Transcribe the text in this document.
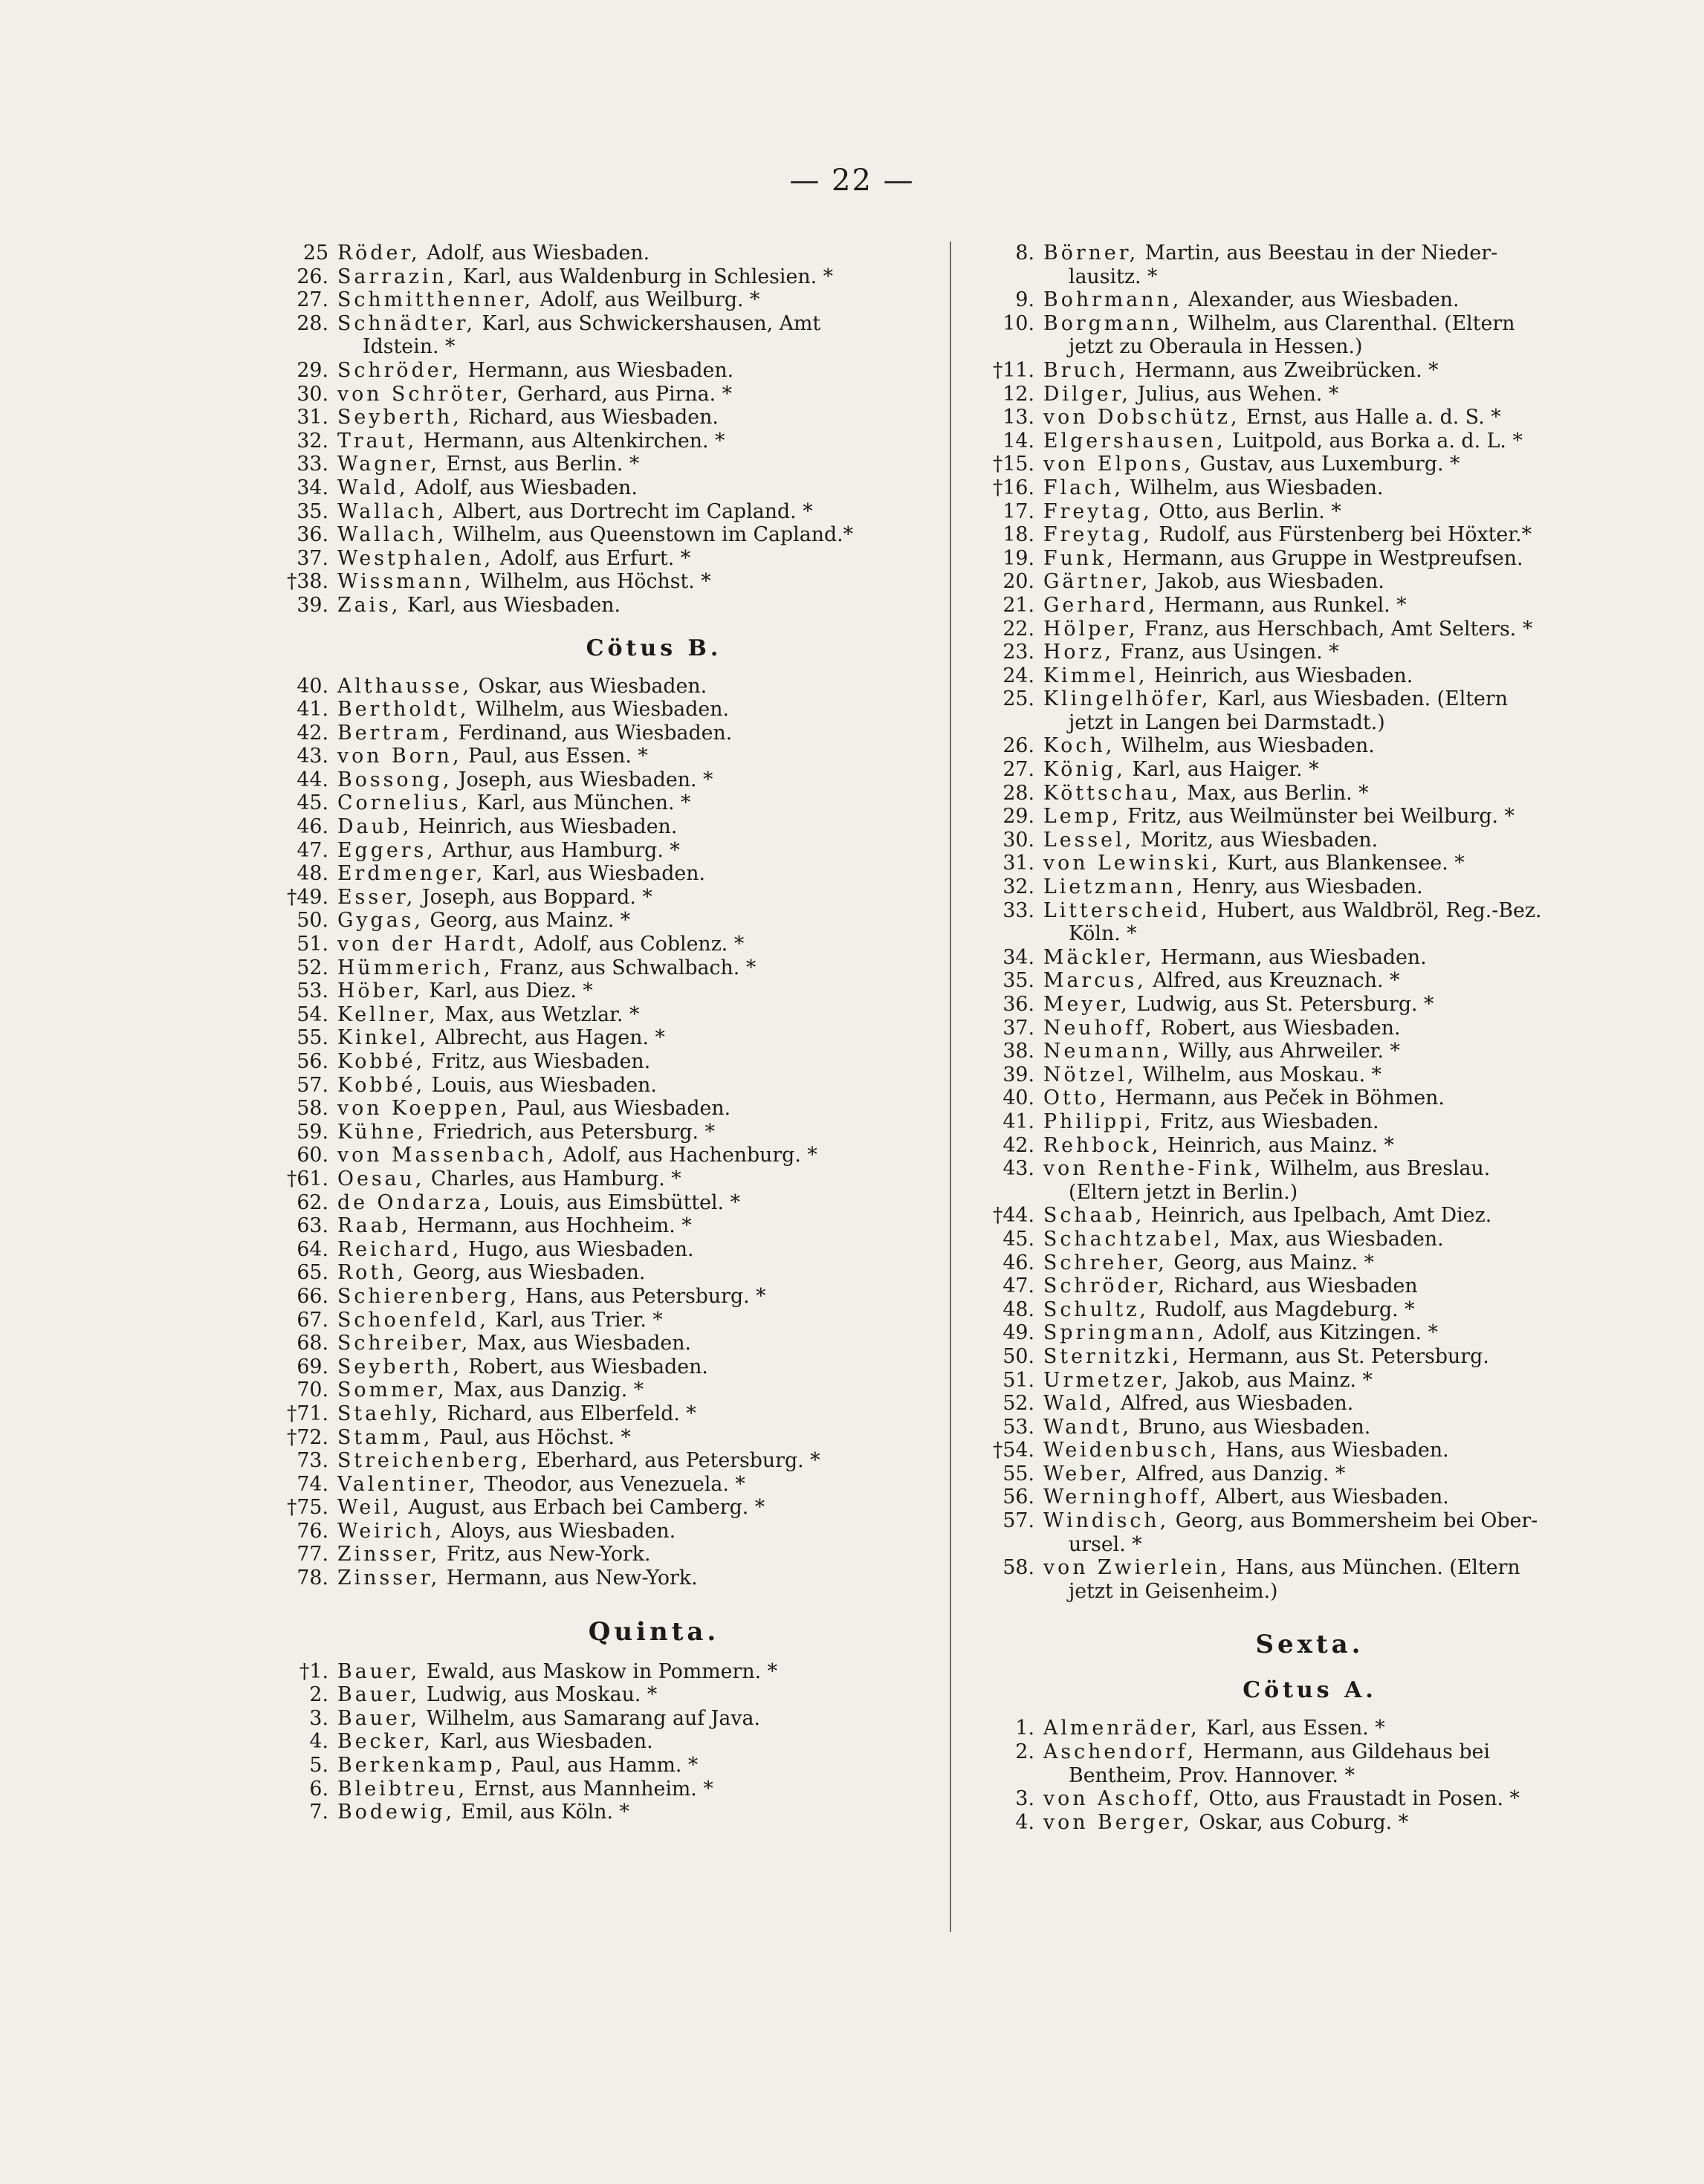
— 22 —
25 Röder, Adolf, aus Wiesbaden.
26. Sarrazin, Karl, aus Waldenburg in Schlesien. *
27. Schmitthenner, Adolf, aus Weilburg. *
28. Schnädter, Karl, aus Schwickershausen, Amt
Idstein. *
29. Schröder, Hermann, aus Wiesbaden.
30. von Schröter, Gerhard, aus Pirna. *
31. Seyberth, Richard, aus Wiesbaden.
32. Traut, Hermann, aus Altenkirchen. *
33. Wagner, Ernst, aus Berlin. *
34. Wald, Adolf, aus Wiesbaden.
35. Wallach, Albert, aus Dortrecht im Capland. *
36. Wallach, Wilhelm, aus Queenstown im Capland.*
37. Westphalen, Adolf, aus Erfurt. *
†38. Wissmann, Wilhelm, aus Höchst. *
39. Zais, Karl, aus Wiesbaden.
Cötus B.
40. Althausse, Oskar, aus Wiesbaden.
41. Bertholdt, Wilhelm, aus Wiesbaden.
42. Bertram, Ferdinand, aus Wiesbaden.
43. von Born, Paul, aus Essen. *
44. Bossong, Joseph, aus Wiesbaden. *
45. Cornelius, Karl, aus München. *
46. Daub, Heinrich, aus Wiesbaden.
47. Eggers, Arthur, aus Hamburg. *
48. Erdmenger, Karl, aus Wiesbaden.
†49. Esser, Joseph, aus Boppard. *
50. Gygas, Georg, aus Mainz. *
51. von der Hardt, Adolf, aus Coblenz. *
52. Hümmerich, Franz, aus Schwalbach. *
53. Höber, Karl, aus Diez. *
54. Kellner, Max, aus Wetzlar. *
55. Kinkel, Albrecht, aus Hagen. *
56. Kobbé, Fritz, aus Wiesbaden.
57. Kobbé, Louis, aus Wiesbaden.
58. von Koeppen, Paul, aus Wiesbaden.
59. Kühne, Friedrich, aus Petersburg. *
60. von Massenbach, Adolf, aus Hachenburg. *
†61. Oesau, Charles, aus Hamburg. *
62. de Ondarza, Louis, aus Eimsbüttel. *
63. Raab, Hermann, aus Hochheim. *
64. Reichard, Hugo, aus Wiesbaden.
65. Roth, Georg, aus Wiesbaden.
66. Schierenberg, Hans, aus Petersburg. *
67. Schoenfeld, Karl, aus Trier. *
68. Schreiber, Max, aus Wiesbaden.
69. Seyberth, Robert, aus Wiesbaden.
70. Sommer, Max, aus Danzig. *
†71. Staehly, Richard, aus Elberfeld. *
†72. Stamm, Paul, aus Höchst. *
73. Streichenberg, Eberhard, aus Petersburg. *
74. Valentiner, Theodor, aus Venezuela. *
†75. Weil, August, aus Erbach bei Camberg. *
76. Weirich, Aloys, aus Wiesbaden.
77. Zinsser, Fritz, aus New-York.
78. Zinsser, Hermann, aus New-York.
Quinta.
†1. Bauer, Ewald, aus Maskow in Pommern. *
2. Bauer, Ludwig, aus Moskau. *
3. Bauer, Wilhelm, aus Samarang auf Java.
4. Becker, Karl, aus Wiesbaden.
5. Berkenkamp, Paul, aus Hamm. *
6. Bleibtreu, Ernst, aus Mannheim. *
7. Bodewig, Emil, aus Köln. *
8. Börner, Martin, aus Beestau in der Nieder-
lausitz. *
9. Bohrmann, Alexander, aus Wiesbaden.
10. Borgmann, Wilhelm, aus Clarenthal. (Eltern
jetzt zu Oberaula in Hessen.)
†11. Bruch, Hermann, aus Zweibrücken. *
12. Dilger, Julius, aus Wehen. *
13. von Dobschütz, Ernst, aus Halle a. d. S. *
14. Elgershausen, Luitpold, aus Borka a. d. L. *
†15. von Elpons, Gustav, aus Luxemburg. *
†16. Flach, Wilhelm, aus Wiesbaden.
17. Freytag, Otto, aus Berlin. *
18. Freytag, Rudolf, aus Fürstenberg bei Höxter.*
19. Funk, Hermann, aus Gruppe in Westpreufsen.
20. Gärtner, Jakob, aus Wiesbaden.
21. Gerhard, Hermann, aus Runkel. *
22. Hölper, Franz, aus Herschbach, Amt Selters. *
23. Horz, Franz, aus Usingen. *
24. Kimmel, Heinrich, aus Wiesbaden.
25. Klingelhöfer, Karl, aus Wiesbaden. (Eltern
jetzt in Langen bei Darmstadt.)
26. Koch, Wilhelm, aus Wiesbaden.
27. König, Karl, aus Haiger. *
28. Köttschau, Max, aus Berlin. *
29. Lemp, Fritz, aus Weilmünster bei Weilburg. *
30. Lessel, Moritz, aus Wiesbaden.
31. von Lewinski, Kurt, aus Blankensee. *
32. Lietzmann, Henry, aus Wiesbaden.
33. Litterscheid, Hubert, aus Waldbröl, Reg.-Bez.
Köln. *
34. Mäckler, Hermann, aus Wiesbaden.
35. Marcus, Alfred, aus Kreuznach. *
36. Meyer, Ludwig, aus St. Petersburg. *
37. Neuhoff, Robert, aus Wiesbaden.
38. Neumann, Willy, aus Ahrweiler. *
39. Nötzel, Wilhelm, aus Moskau. *
40. Otto, Hermann, aus Peček in Böhmen.
41. Philippi, Fritz, aus Wiesbaden.
42. Rehbock, Heinrich, aus Mainz. *
43. von Renthe-Fink, Wilhelm, aus Breslau.
(Eltern jetzt in Berlin.)
†44. Schaab, Heinrich, aus Ipelbach, Amt Diez.
45. Schachtzabel, Max, aus Wiesbaden.
46. Schreher, Georg, aus Mainz. *
47. Schröder, Richard, aus Wiesbaden
48. Schultz, Rudolf, aus Magdeburg. *
49. Springmann, Adolf, aus Kitzingen. *
50. Sternitzki, Hermann, aus St. Petersburg.
51. Urmetzer, Jakob, aus Mainz. *
52. Wald, Alfred, aus Wiesbaden.
53. Wandt, Bruno, aus Wiesbaden.
†54. Weidenbusch, Hans, aus Wiesbaden.
55. Weber, Alfred, aus Danzig. *
56. Werninghoff, Albert, aus Wiesbaden.
57. Windisch, Georg, aus Bommersheim bei Ober-
ursel. *
58. von Zwierlein, Hans, aus München. (Eltern
jetzt in Geisenheim.)
Sexta.
Cötus A.
1. Almenräder, Karl, aus Essen. *
2. Aschendorf, Hermann, aus Gildehaus bei
Bentheim, Prov. Hannover. *
3. von Aschoff, Otto, aus Fraustadt in Posen. *
4. von Berger, Oskar, aus Coburg. *
